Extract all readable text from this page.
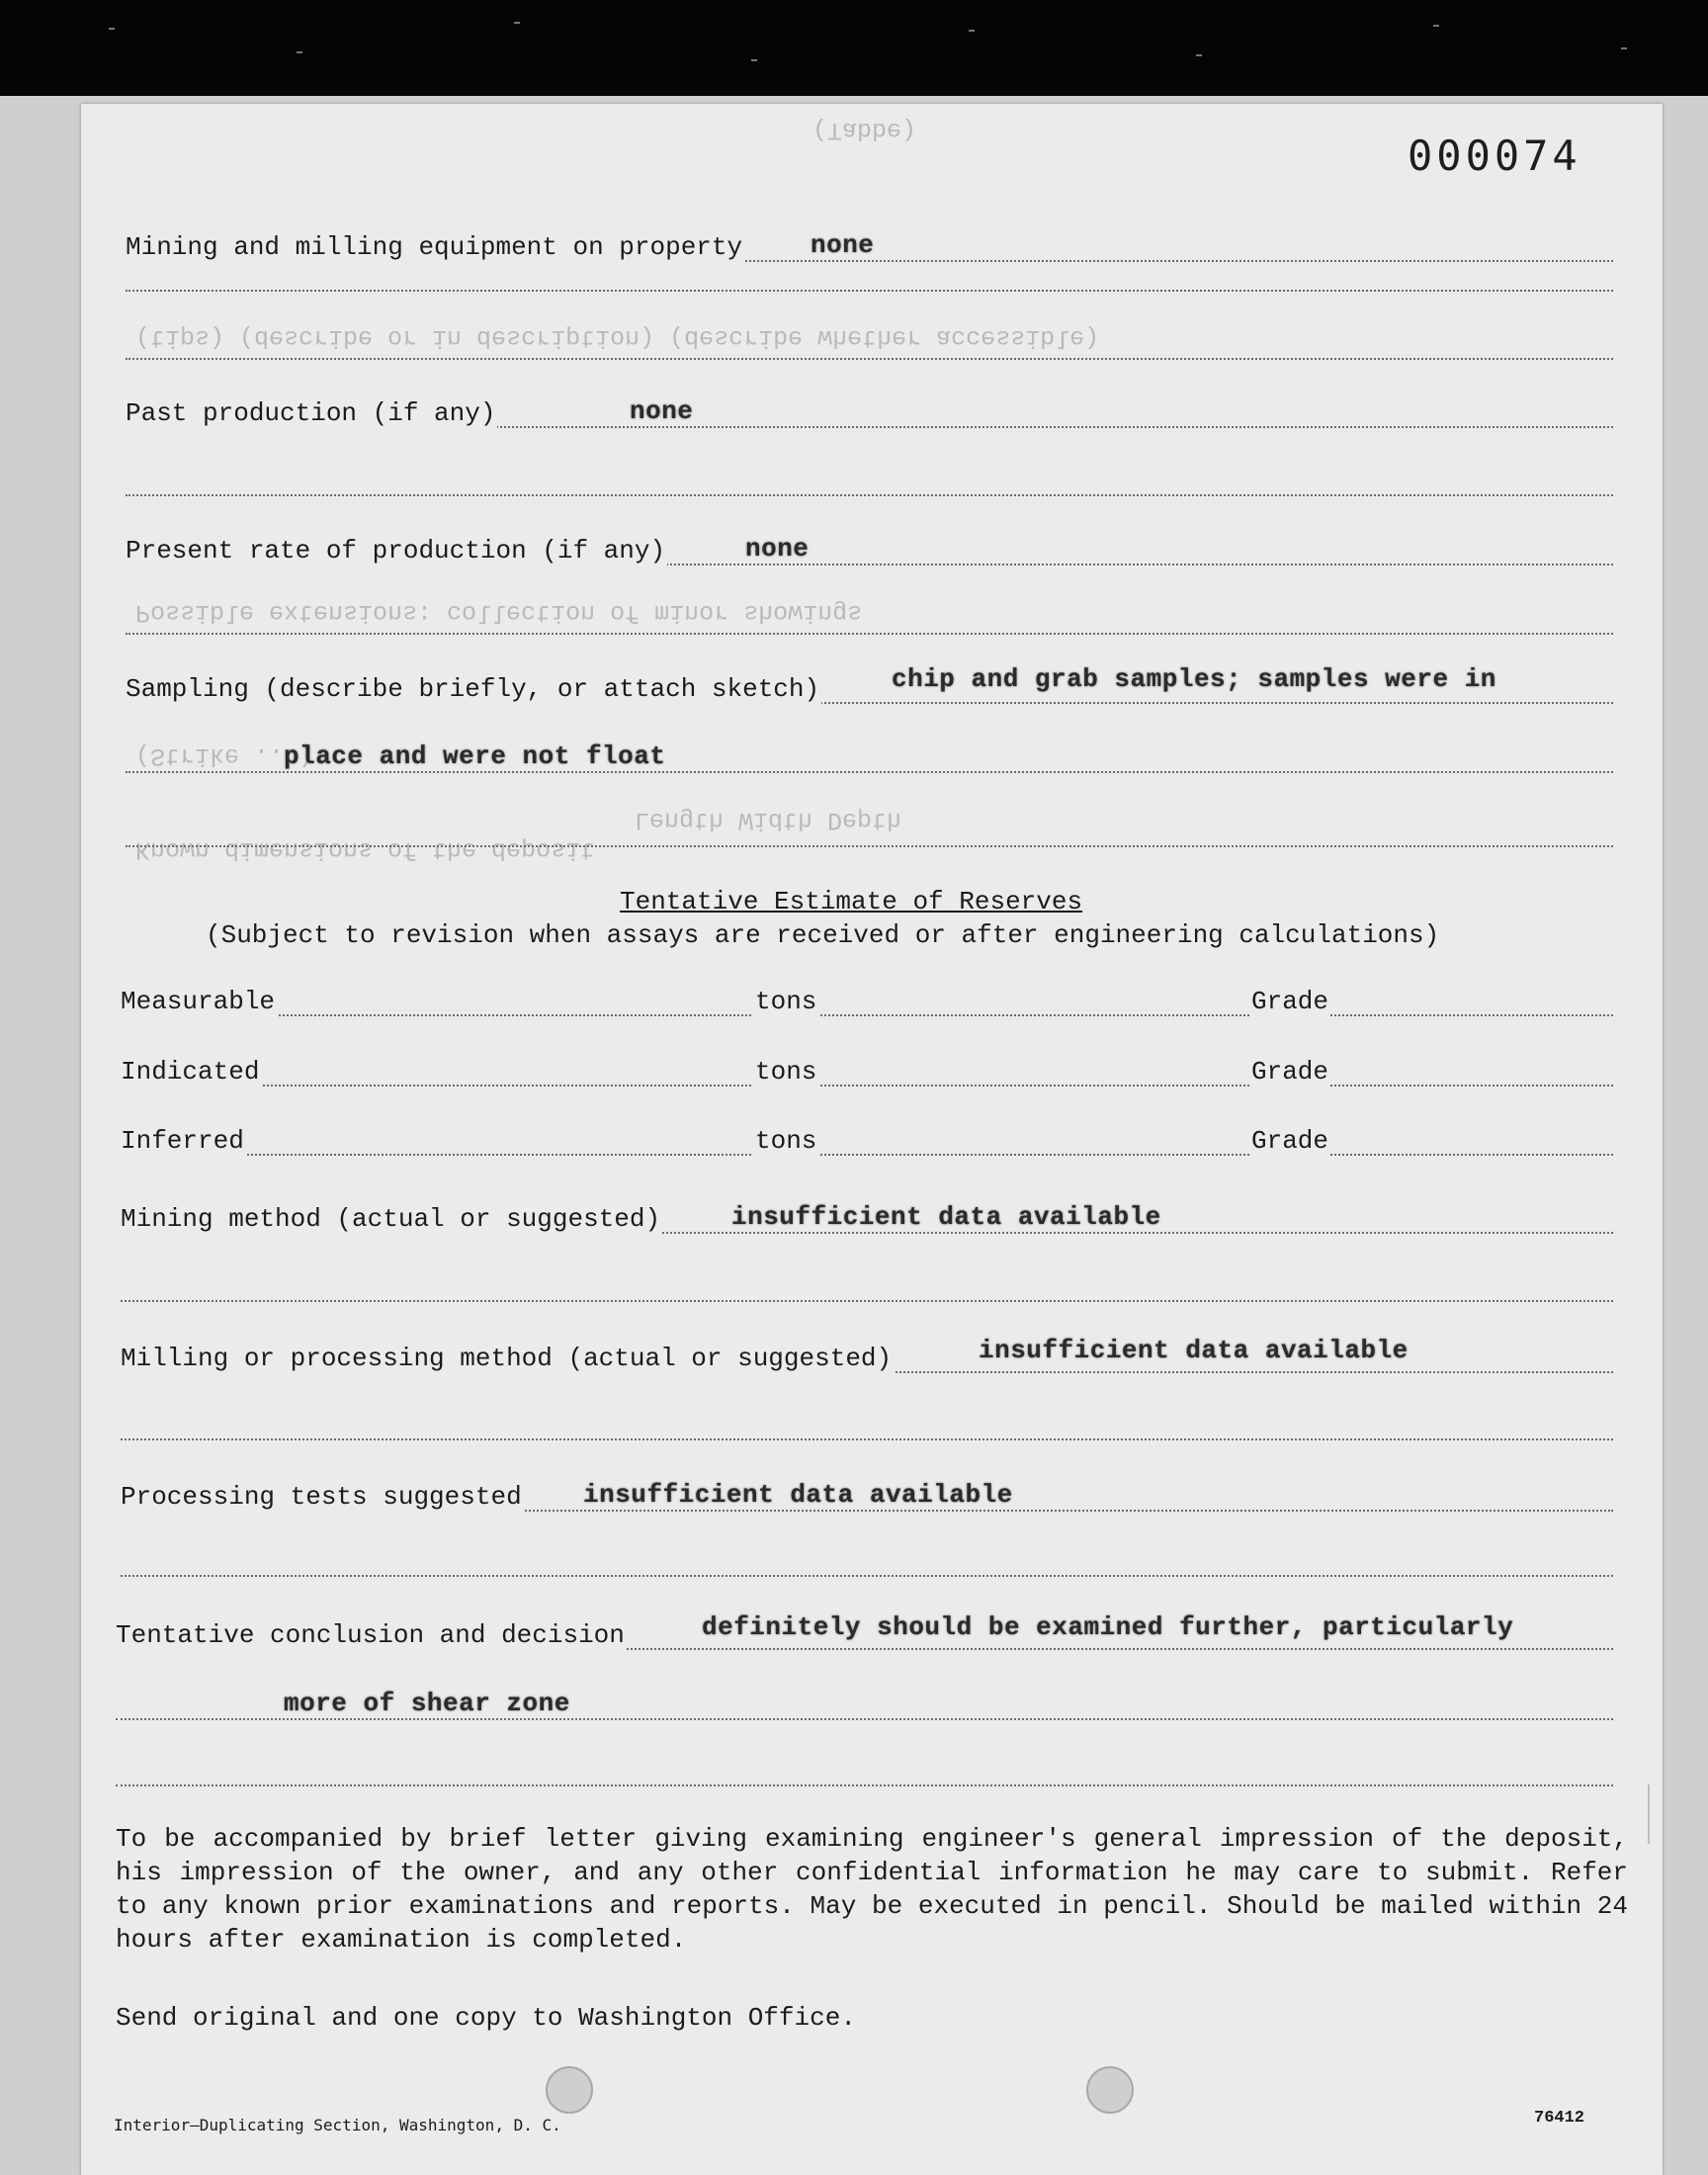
(Tabbe)
(tips) (describe or in description) (describe whether accessible)
Possible extensions: collection of minor showings
(Strike ...)
Length Width Depth
Known dimensions of the deposit
000074
Mining and milling equipment on property	none
Past production (if any)	none
Present rate of production (if any)	none
Sampling (describe briefly, or attach sketch)	chip and grab samples; samples were in
place and were not float
Tentative Estimate of Reserves
(Subject to revision when assays are received or after engineering calculations)
Measurable	tons	Grade
Indicated	tons	Grade
Inferred	tons	Grade
Mining method (actual or suggested)	insufficient data available
Milling or processing method (actual or suggested)	insufficient data available
Processing tests suggested insufficient data available
Tentative conclusion and decision	definitely should be examined further, particularly
more of shear zone
To be accompanied by brief letter giving examining engineer's general impression of the deposit, his impression of the owner, and any other confidential information he may care to submit. Refer to any known prior examinations and reports. May be executed in pencil. Should be mailed within 24 hours after examination is completed.
Send original and one copy to Washington Office.
Interior—Duplicating Section, Washington, D. C.	76412
